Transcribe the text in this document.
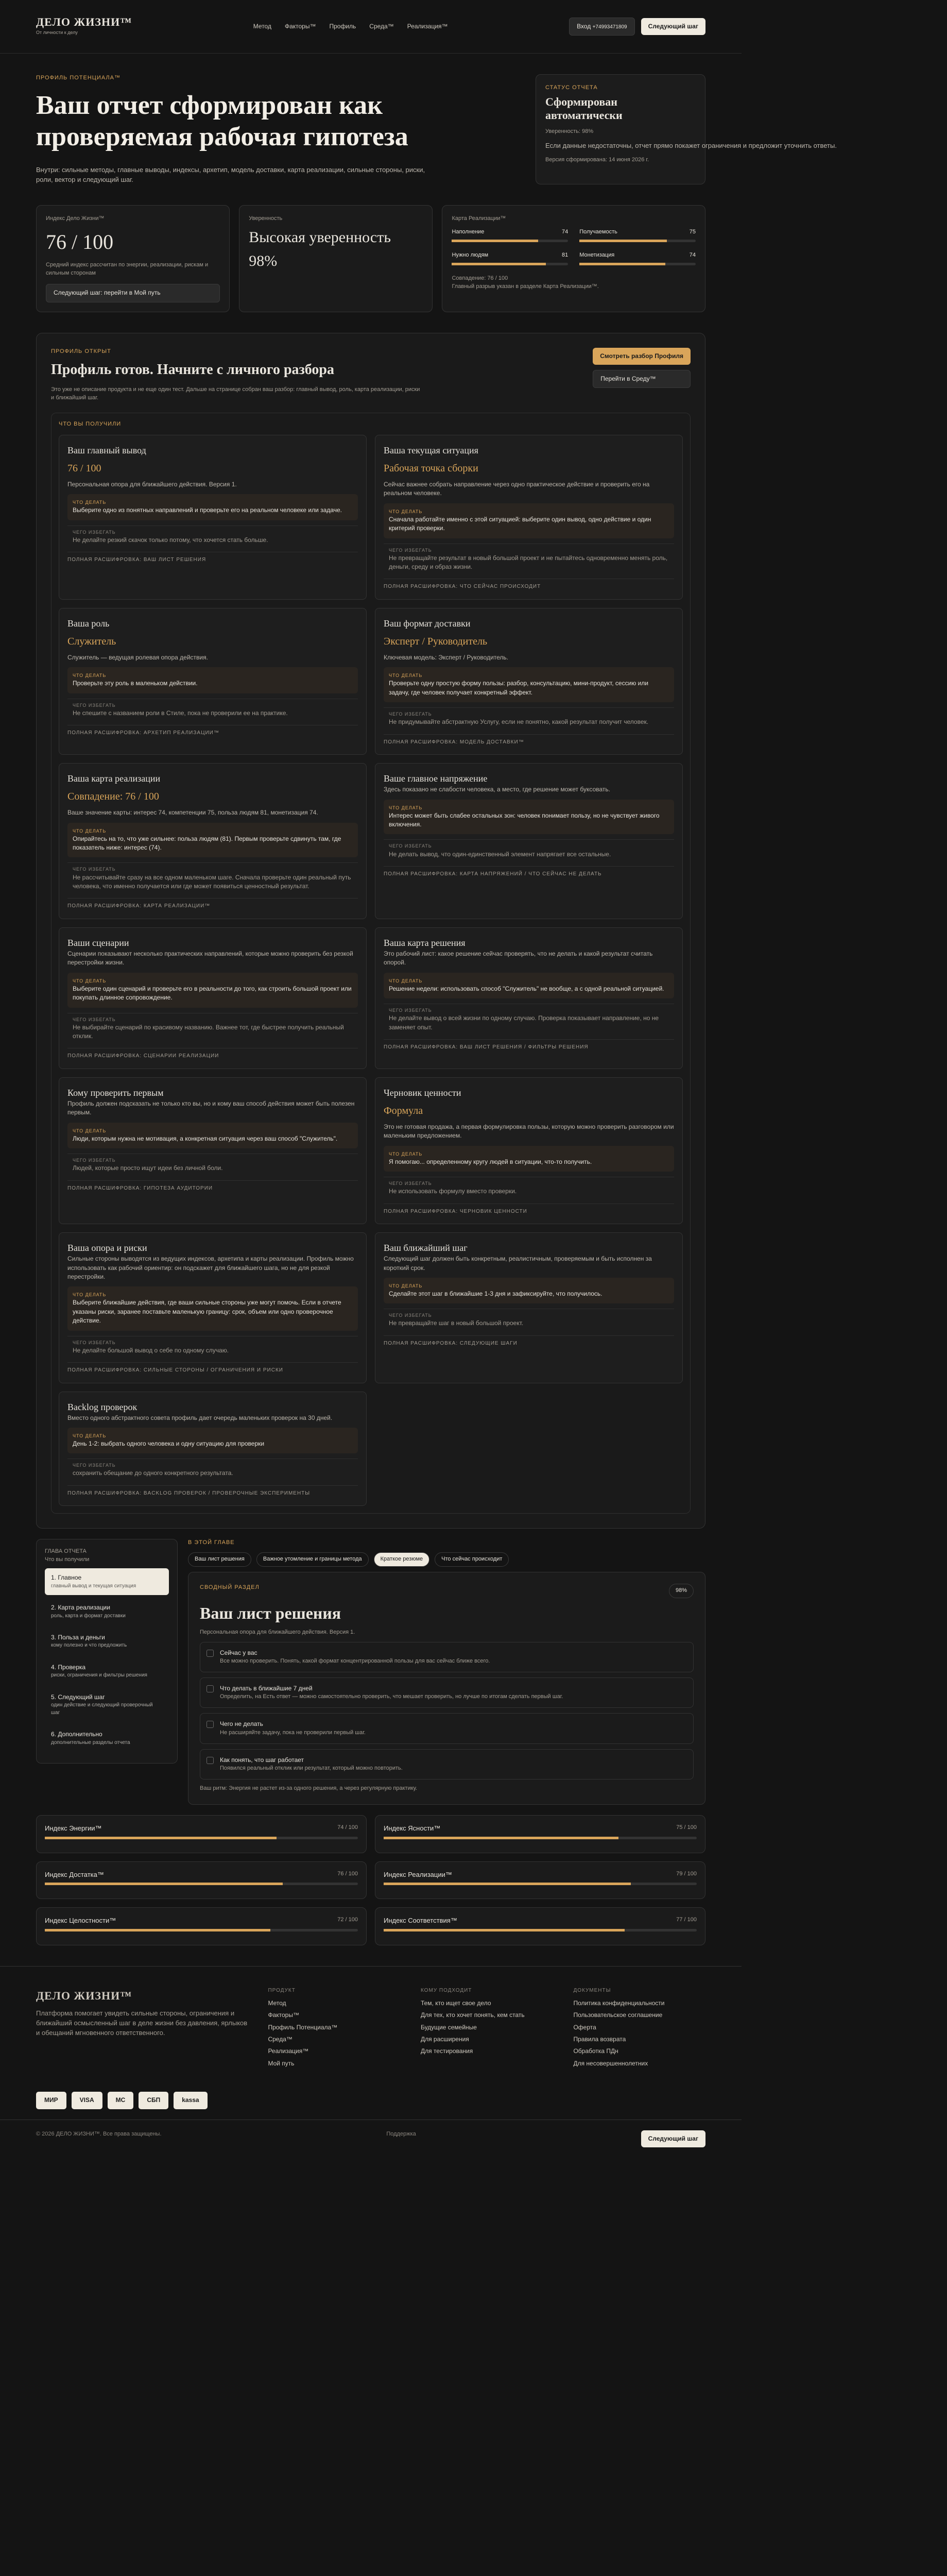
ДЕЛО ЖИЗНИ™
От личности к делу
Метод Факторы™ Профиль Среда™ Реализация™	Вход +74993471809	Следующий шаг
ПРОФИЛЬ ПОТЕНЦИАЛА™
Ваш отчет сформирован как проверяемая рабочая гипотеза

Внутри: сильные методы, главные выводы, индексы, архетип, модель доставки, карта реализации, сильные стороны, риски, роли, вектор и следующий шаг.

СТАТУС ОТЧЕТА
Сформирован автоматически
Уверенность: 98%

Если данные недостаточны, отчет прямо покажет ограничения и предложит уточнить ответы.

Версия сформирована: 14 июня 2026 г.
Индекс Дело Жизни™
76 / 100

Средний индекс рассчитан по энергии, реализации, рискам и сильным сторонам

Следующий шаг: перейти в Мой путь
Уверенность
Высокая уверенность
98%
Карта Реализации™
Наполнение	74 Получаемость	75
Нужно людям	81 Монетизация	74
Совпадение: 76 / 100
Главный разрыв указан в разделе Карта Реализации™.
ПРОФИЛЬ ОТКРЫТ
Профиль готов. Начните с личного разбора

Это уже не описание продукта и не еще один тест. Дальше на странице собран ваш разбор: главный вывод, роль, карта реализации, риски и ближайший шаг.

Смотреть разбор Профиля
Перейти в Среду™
ЧТО ВЫ ПОЛУЧИЛИ
Ваш главный вывод
76 / 100

Персональная опора для ближайшего действия. Версия 1.

ЧТО ДЕЛАТЬ
Выберите одно из понятных направлений и проверьте его на реальном человеке или задаче.
ЧЕГО ИЗБЕГАТЬ
Не делайте резкий скачок только потому, что хочется стать больше.
ПОЛНАЯ РАСШИФРОВКА: ВАШ ЛИСТ РЕШЕНИЯ
Ваша текущая ситуация
Рабочая точка сборки

Сейчас важнее собрать направление через одно практическое действие и проверить его на реальном человеке.

ЧТО ДЕЛАТЬ
Сначала работайте именно с этой ситуацией: выберите один вывод, одно действие и один критерий проверки.
ЧЕГО ИЗБЕГАТЬ
Не превращайте результат в новый большой проект и не пытайтесь одновременно менять роль, деньги, среду и образ жизни.
ПОЛНАЯ РАСШИФРОВКА: ЧТО СЕЙЧАС ПРОИСХОДИТ
Ваша роль
Служитель

Служитель — ведущая ролевая опора действия.

ЧТО ДЕЛАТЬ
Проверьте эту роль в маленьком действии.
ЧЕГО ИЗБЕГАТЬ
Не спешите с названием роли в Стиле, пока не проверили ее на практике.
ПОЛНАЯ РАСШИФРОВКА: АРХЕТИП РЕАЛИЗАЦИИ™
Ваш формат доставки
Эксперт / Руководитель

Ключевая модель: Эксперт / Руководитель.

ЧТО ДЕЛАТЬ
Проверьте одну простую форму пользы: разбор, консультацию, мини-продукт, сессию или задачу, где человек получает конкретный эффект.
ЧЕГО ИЗБЕГАТЬ
Не придумывайте абстрактную Услугу, если не понятно, какой результат получит человек.
ПОЛНАЯ РАСШИФРОВКА: МОДЕЛЬ ДОСТАВКИ™
Ваша карта реализации
Совпадение: 76 / 100

Ваше значение карты: интерес 74, компетенции 75, польза людям 81, монетизация 74.

ЧТО ДЕЛАТЬ
Опирайтесь на то, что уже сильнее: польза людям (81). Первым проверьте сдвинуть там, где показатель ниже: интерес (74).
ЧЕГО ИЗБЕГАТЬ
Не рассчитывайте сразу на все одном маленьком шаге. Сначала проверьте один реальный путь человека, что именно получается или где может появиться ценностный результат.
ПОЛНАЯ РАСШИФРОВКА: КАРТА РЕАЛИЗАЦИИ™
Ваше главное напряжение

Здесь показано не слабости человека, а место, где решение может буксовать.

ЧТО ДЕЛАТЬ
Интерес может быть слабее остальных зон: человек понимает пользу, но не чувствует живого включения.
ЧЕГО ИЗБЕГАТЬ
Не делать вывод, что один-единственный элемент напрягает все остальные.
ПОЛНАЯ РАСШИФРОВКА: КАРТА НАПРЯЖЕНИЙ / ЧТО СЕЙЧАС НЕ ДЕЛАТЬ
Ваши сценарии

Сценарии показывают несколько практических направлений, которые можно проверить без резкой перестройки жизни.

ЧТО ДЕЛАТЬ
Выберите один сценарий и проверьте его в реальности до того, как строить большой проект или покупать длинное сопровождение.
ЧЕГО ИЗБЕГАТЬ
Не выбирайте сценарий по красивому названию. Важнее тот, где быстрее получить реальный отклик.
ПОЛНАЯ РАСШИФРОВКА: СЦЕНАРИИ РЕАЛИЗАЦИИ
Ваша карта решения

Это рабочий лист: какое решение сейчас проверять, что не делать и какой результат считать опорой.

ЧТО ДЕЛАТЬ
Решение недели: использовать способ "Служитель" не вообще, а с одной реальной ситуацией.
ЧЕГО ИЗБЕГАТЬ
Не делайте вывод о всей жизни по одному случаю. Проверка показывает направление, но не заменяет опыт.
ПОЛНАЯ РАСШИФРОВКА: ВАШ ЛИСТ РЕШЕНИЯ / ФИЛЬТРЫ РЕШЕНИЯ
Кому проверить первым

Профиль должен подсказать не только кто вы, но и кому ваш способ действия может быть полезен первым.

ЧТО ДЕЛАТЬ
Люди, которым нужна не мотивация, а конкретная ситуация через ваш способ "Служитель".
ЧЕГО ИЗБЕГАТЬ
Людей, которые просто ищут идеи без личной боли.
ПОЛНАЯ РАСШИФРОВКА: ГИПОТЕЗА АУДИТОРИИ
Черновик ценности
Формула

Это не готовая продажа, а первая формулировка пользы, которую можно проверить разговором или маленьким предложением.

ЧТО ДЕЛАТЬ
Я помогаю... определенному кругу людей в ситуации, что-то получить.
ЧЕГО ИЗБЕГАТЬ
Не использовать формулу вместо проверки.
ПОЛНАЯ РАСШИФРОВКА: ЧЕРНОВИК ЦЕННОСТИ
Ваша опора и риски

Сильные стороны выводятся из ведущих индексов, архетипа и карты реализации. Профиль можно использовать как рабочий ориентир: он подскажет для ближайшего шага, но не для резкой перестройки.

ЧТО ДЕЛАТЬ
Выберите ближайшие действия, где ваши сильные стороны уже могут помочь. Если в отчете указаны риски, заранее поставьте маленькую границу: срок, объем или одно проверочное действие.
ЧЕГО ИЗБЕГАТЬ
Не делайте большой вывод о себе по одному случаю.
ПОЛНАЯ РАСШИФРОВКА: СИЛЬНЫЕ СТОРОНЫ / ОГРАНИЧЕНИЯ И РИСКИ
Ваш ближайший шаг

Следующий шаг должен быть конкретным, реалистичным, проверяемым и быть исполнен за короткий срок.

ЧТО ДЕЛАТЬ
Сделайте этот шаг в ближайшие 1-3 дня и зафиксируйте, что получилось.
ЧЕГО ИЗБЕГАТЬ
Не превращайте шаг в новый большой проект.
ПОЛНАЯ РАСШИФРОВКА: СЛЕДУЮЩИЕ ШАГИ
Backlog проверок

Вместо одного абстрактного совета профиль дает очередь маленьких проверок на 30 дней.

ЧТО ДЕЛАТЬ
День 1-2: выбрать одного человека и одну ситуацию для проверки
ЧЕГО ИЗБЕГАТЬ
сохранить обещание до одного конкретного результата.
ПОЛНАЯ РАСШИФРОВКА: BACKLOG ПРОВЕРОК / ПРОВЕРОЧНЫЕ ЭКСПЕРИМЕНТЫ
ГЛАВА ОТЧЕТА
Что вы получили
1. Главное
главный вывод и текущая ситуация
2. Карта реализации
роль, карта и формат доставки
3. Польза и деньги
кому полезно и что предложить
4. Проверка
риски, ограничения и фильтры решения
5. Следующий шаг
один действие и следующий проверочный шаг
6. Дополнительно
дополнительные разделы отчета
В ЭТОЙ ГЛАВЕ
Ваш лист решения	Важное утомление и границы метода	Краткое резюме	Что сейчас происходит
СВОДНЫЙ РАЗДЕЛ	98%
Ваш лист решения

Персональная опора для ближайшего действия. Версия 1.

Сейчас у вас
Все можно проверить. Понять, какой формат концентрированной пользы для вас сейчас ближе всего.
Что делать в ближайшие 7 дней
Определить, на Есть ответ — можно самостоятельно проверить, что мешает проверить, но лучше по итогам сделать первый шаг.
Чего не делать
Не расширяйте задачу, пока не проверили первый шаг.
Как понять, что шаг работает
Появился реальный отклик или результат, который можно повторить.

Ваш ритм: Энергия не растет из-за одного решения, а через регулярную практику.

Индекс Энергии™	74 / 100	Индекс Ясности™	75 / 100
Индекс Достатка™	76 / 100	Индекс Реализации™	79 / 100
Индекс Целостности™	72 / 100	Индекс Соответствия™	77 / 100
ДЕЛО ЖИЗНИ™

Платформа помогает увидеть сильные стороны, ограничения и ближайший осмысленный шаг в деле жизни без давления, ярлыков и обещаний мгновенного ответственного.

ПРОДУКТ
Метод
Факторы™
Профиль Потенциала™
Среда™
Реализация™
Мой путь
КОМУ ПОДХОДИТ
Тем, кто ищет свое дело
Для тех, кто хочет понять, кем стать
Будущие семейные
Для расширения
Для тестирования
ДОКУМЕНТЫ
Политика конфиденциальности
Пользовательское соглашение
Оферта
Правила возврата
Обработка ПДн
Для несовершеннолетних
МИР	VISA	MC	СБП	kassa
© 2026 ДЕЛО ЖИЗНИ™. Все права защищены.	Поддержка
Следующий шаг
